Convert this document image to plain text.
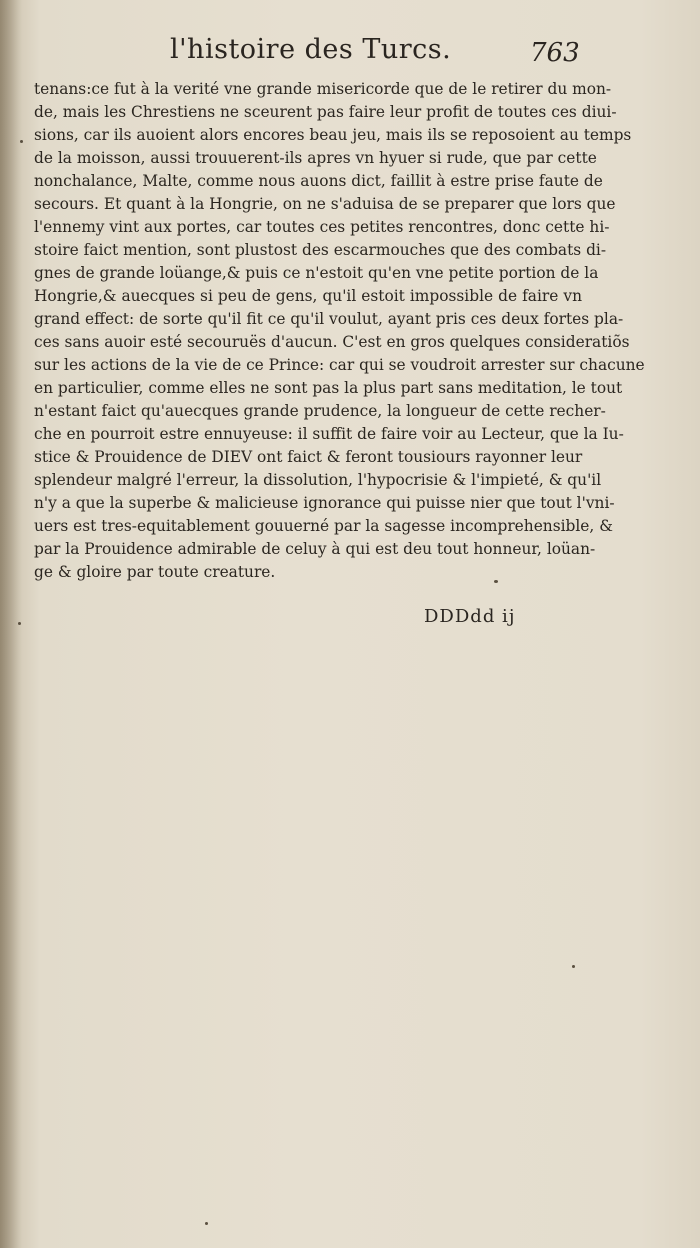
l'histoire des Turcs.	763
tenans:ce fut à la verité vne grande misericorde que de le retirer du mon-
de, mais les Chrestiens ne sceurent pas faire leur profit de toutes ces diui-
sions, car ils auoient alors encores beau jeu, mais ils se reposoient au temps
de la moisson, aussi trouuerent-ils apres vn hyuer si rude, que par cette
nonchalance, Malte, comme nous auons dict, faillit à estre prise faute de
secours. Et quant à la Hongrie, on ne s'aduisa de se preparer que lors que
l'ennemy vint aux portes, car toutes ces petites rencontres, donc cette hi-
stoire faict mention, sont plustost des escarmouches que des combats di-
gnes de grande loüange,& puis ce n'estoit qu'en vne petite portion de la
Hongrie,& auecques si peu de gens, qu'il estoit impossible de faire vn
grand effect: de sorte qu'il fit ce qu'il voulut, ayant pris ces deux fortes pla-
ces sans auoir esté secouruës d'aucun. C'est en gros quelques consideratiõs
sur les actions de la vie de ce Prince: car qui se voudroit arrester sur chacune
en particulier, comme elles ne sont pas la plus part sans meditation, le tout
n'estant faict qu'auecques grande prudence, la longueur de cette recher-
che en pourroit estre ennuyeuse: il suffit de faire voir au Lecteur, que la Iu-
stice & Prouidence de DIEV ont faict & feront tousiours rayonner leur
splendeur malgré l'erreur, la dissolution, l'hypocrisie & l'impieté, & qu'il
n'y a que la superbe & malicieuse ignorance qui puisse nier que tout l'vni-
uers est tres-equitablement gouuerné par la sagesse incomprehensible, &
par la Prouidence admirable de celuy à qui est deu tout honneur, loüan-
ge & gloire par toute creature.
DDDdd ij
